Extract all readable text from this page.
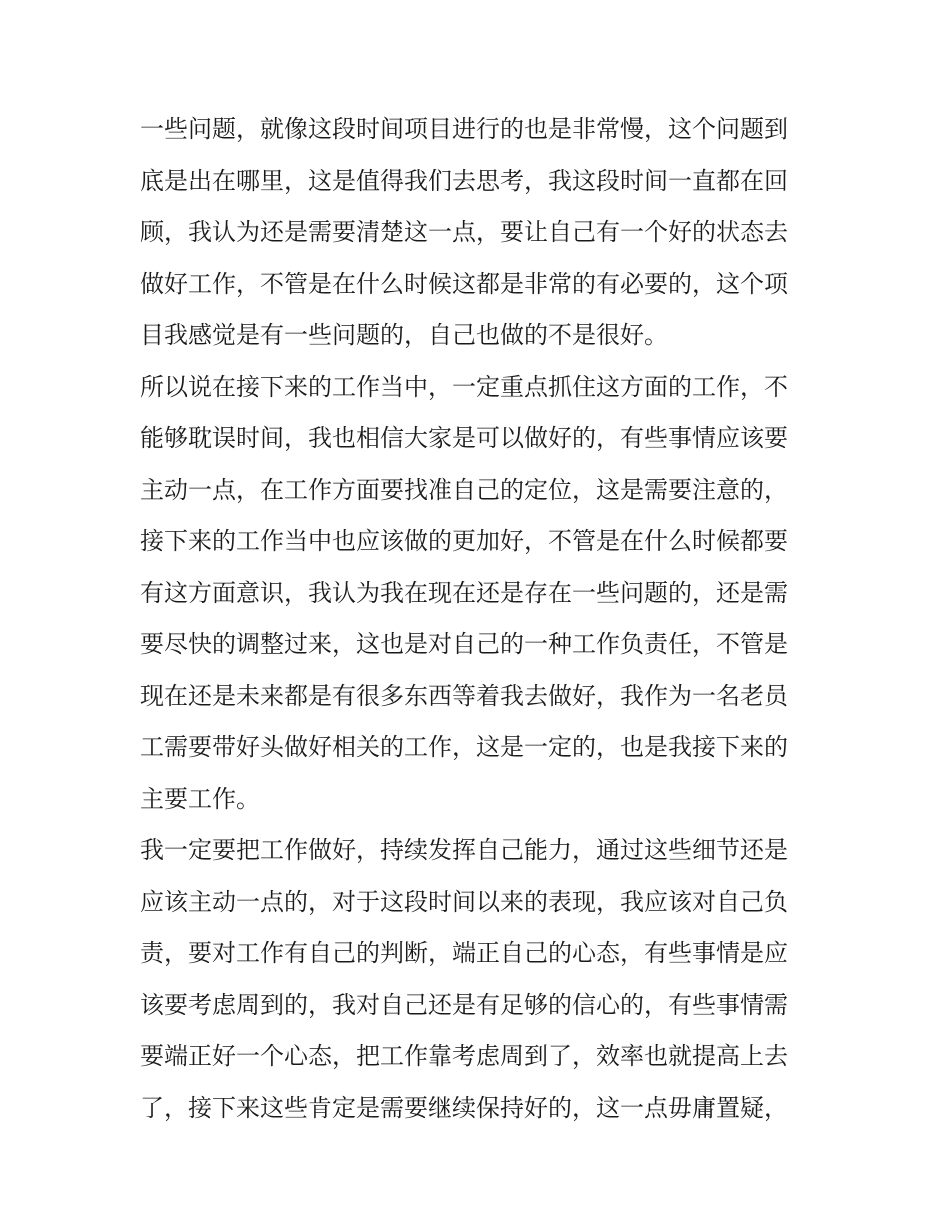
一些问题，就像这段时间项目进行的也是非常慢，这个问题到
底是出在哪里，这是值得我们去思考，我这段时间一直都在回
顾，我认为还是需要清楚这一点，要让自己有一个好的状态去
做好工作，不管是在什么时候这都是非常的有必要的，这个项
目我感觉是有一些问题的，自己也做的不是很好。
所以说在接下来的工作当中，一定重点抓住这方面的工作，不
能够耽误时间，我也相信大家是可以做好的，有些事情应该要
主动一点，在工作方面要找准自己的定位，这是需要注意的，
接下来的工作当中也应该做的更加好，不管是在什么时候都要
有这方面意识，我认为我在现在还是存在一些问题的，还是需
要尽快的调整过来，这也是对自己的一种工作负责任，不管是
现在还是未来都是有很多东西等着我去做好，我作为一名老员
工需要带好头做好相关的工作，这是一定的，也是我接下来的
主要工作。
我一定要把工作做好，持续发挥自己能力，通过这些细节还是
应该主动一点的，对于这段时间以来的表现，我应该对自己负
责，要对工作有自己的判断，端正自己的心态，有些事情是应
该要考虑周到的，我对自己还是有足够的信心的，有些事情需
要端正好一个心态，把工作靠考虑周到了，效率也就提高上去
了，接下来这些肯定是需要继续保持好的，这一点毋庸置疑，
